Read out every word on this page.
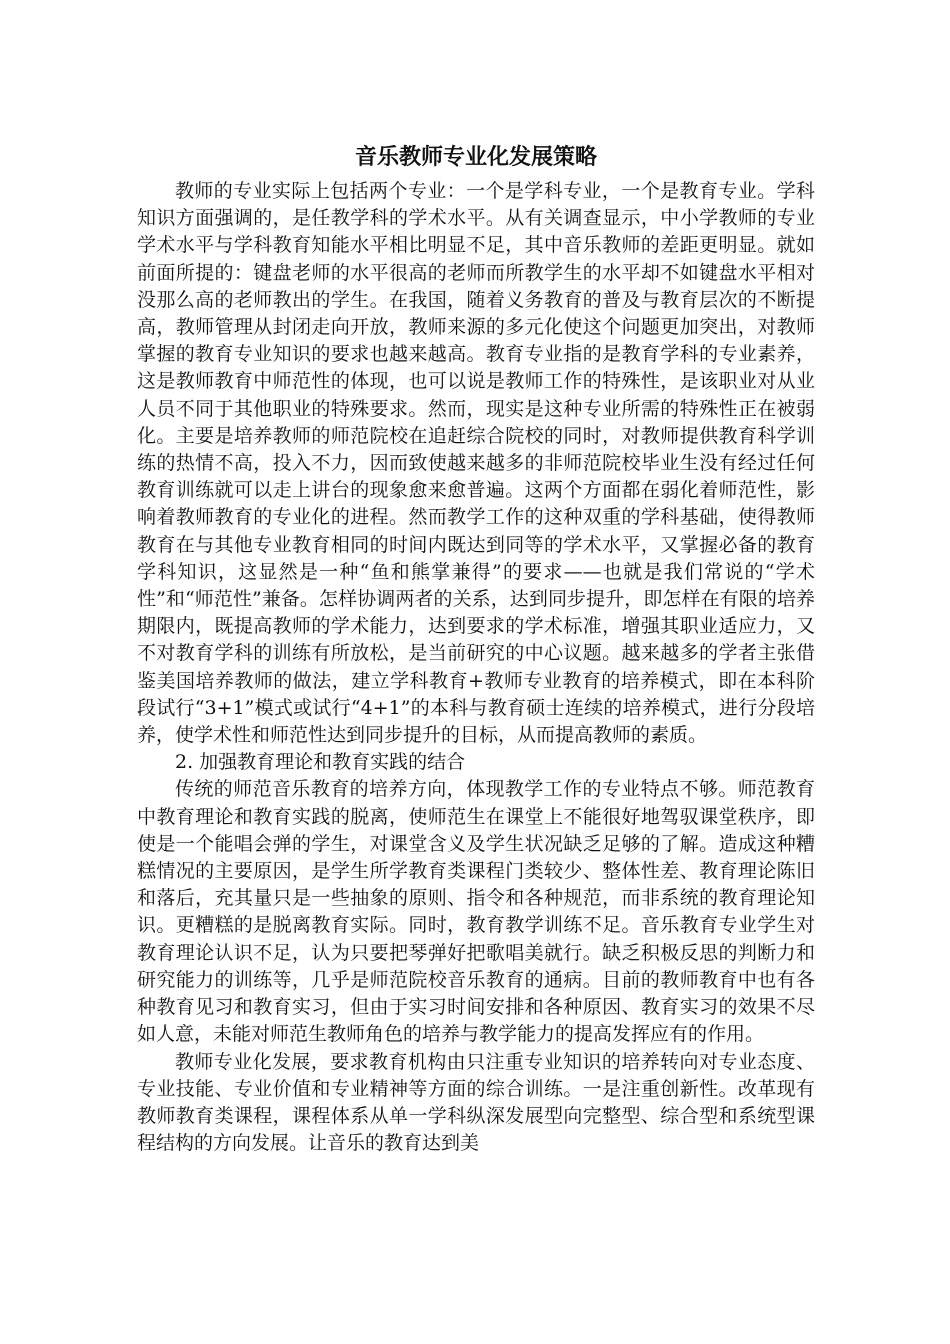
音乐教师专业化发展策略

教师的专业实际上包括两个专业：一个是学科专业，一个是教育专业。学科知识方面强调的，是任教学科的学术水平。从有关调查显示，中小学教师的专业学术水平与学科教育知能水平相比明显不足，其中音乐教师的差距更明显。就如前面所提的：键盘老师的水平很高的老师而所教学生的水平却不如键盘水平相对没那么高的老师教出的学生。在我国，随着义务教育的普及与教育层次的不断提高，教师管理从封闭走向开放，教师来源的多元化使这个问题更加突出，对教师掌握的教育专业知识的要求也越来越高。教育专业指的是教育学科的专业素养，这是教师教育中师范性的体现，也可以说是教师工作的特殊性，是该职业对从业人员不同于其他职业的特殊要求。然而，现实是这种专业所需的特殊性正在被弱化。主要是培养教师的师范院校在追赶综合院校的同时，对教师提供教育科学训练的热情不高，投入不力，因而致使越来越多的非师范院校毕业生没有经过任何教育训练就可以走上讲台的现象愈来愈普遍。这两个方面都在弱化着师范性，影响着教师教育的专业化的进程。然而教学工作的这种双重的学科基础，使得教师教育在与其他专业教育相同的时间内既达到同等的学术水平，又掌握必备的教育学科知识，这显然是一种“鱼和熊掌兼得”的要求——也就是我们常说的“学术性”和“师范性”兼备。怎样协调两者的关系，达到同步提升，即怎样在有限的培养期限内，既提高教师的学术能力，达到要求的学术标准，增强其职业适应力，又不对教育学科的训练有所放松，是当前研究的中心议题。越来越多的学者主张借鉴美国培养教师的做法，建立学科教育+教师专业教育的培养模式，即在本科阶段试行“3+1”模式或试行“4+1”的本科与教育硕士连续的培养模式，进行分段培养，使学术性和师范性达到同步提升的目标，从而提高教师的素质。

2. 加强教育理论和教育实践的结合

传统的师范音乐教育的培养方向，体现教学工作的专业特点不够。师范教育中教育理论和教育实践的脱离，使师范生在课堂上不能很好地驾驭课堂秩序，即使是一个能唱会弹的学生，对课堂含义及学生状况缺乏足够的了解。造成这种糟糕情况的主要原因，是学生所学教育类课程门类较少、整体性差、教育理论陈旧和落后，充其量只是一些抽象的原则、指令和各种规范，而非系统的教育理论知识。更糟糕的是脱离教育实际。同时，教育教学训练不足。音乐教育专业学生对教育理论认识不足，认为只要把琴弹好把歌唱美就行。缺乏积极反思的判断力和研究能力的训练等，几乎是师范院校音乐教育的通病。目前的教师教育中也有各种教育见习和教育实习，但由于实习时间安排和各种原因、教育实习的效果不尽如人意，未能对师范生教师角色的培养与教学能力的提高发挥应有的作用。

教师专业化发展，要求教育机构由只注重专业知识的培养转向对专业态度、专业技能、专业价值和专业精神等方面的综合训练。一是注重创新性。改革现有教师教育类课程，课程体系从单一学科纵深发展型向完整型、综合型和系统型课程结构的方向发展。让音乐的教育达到美
